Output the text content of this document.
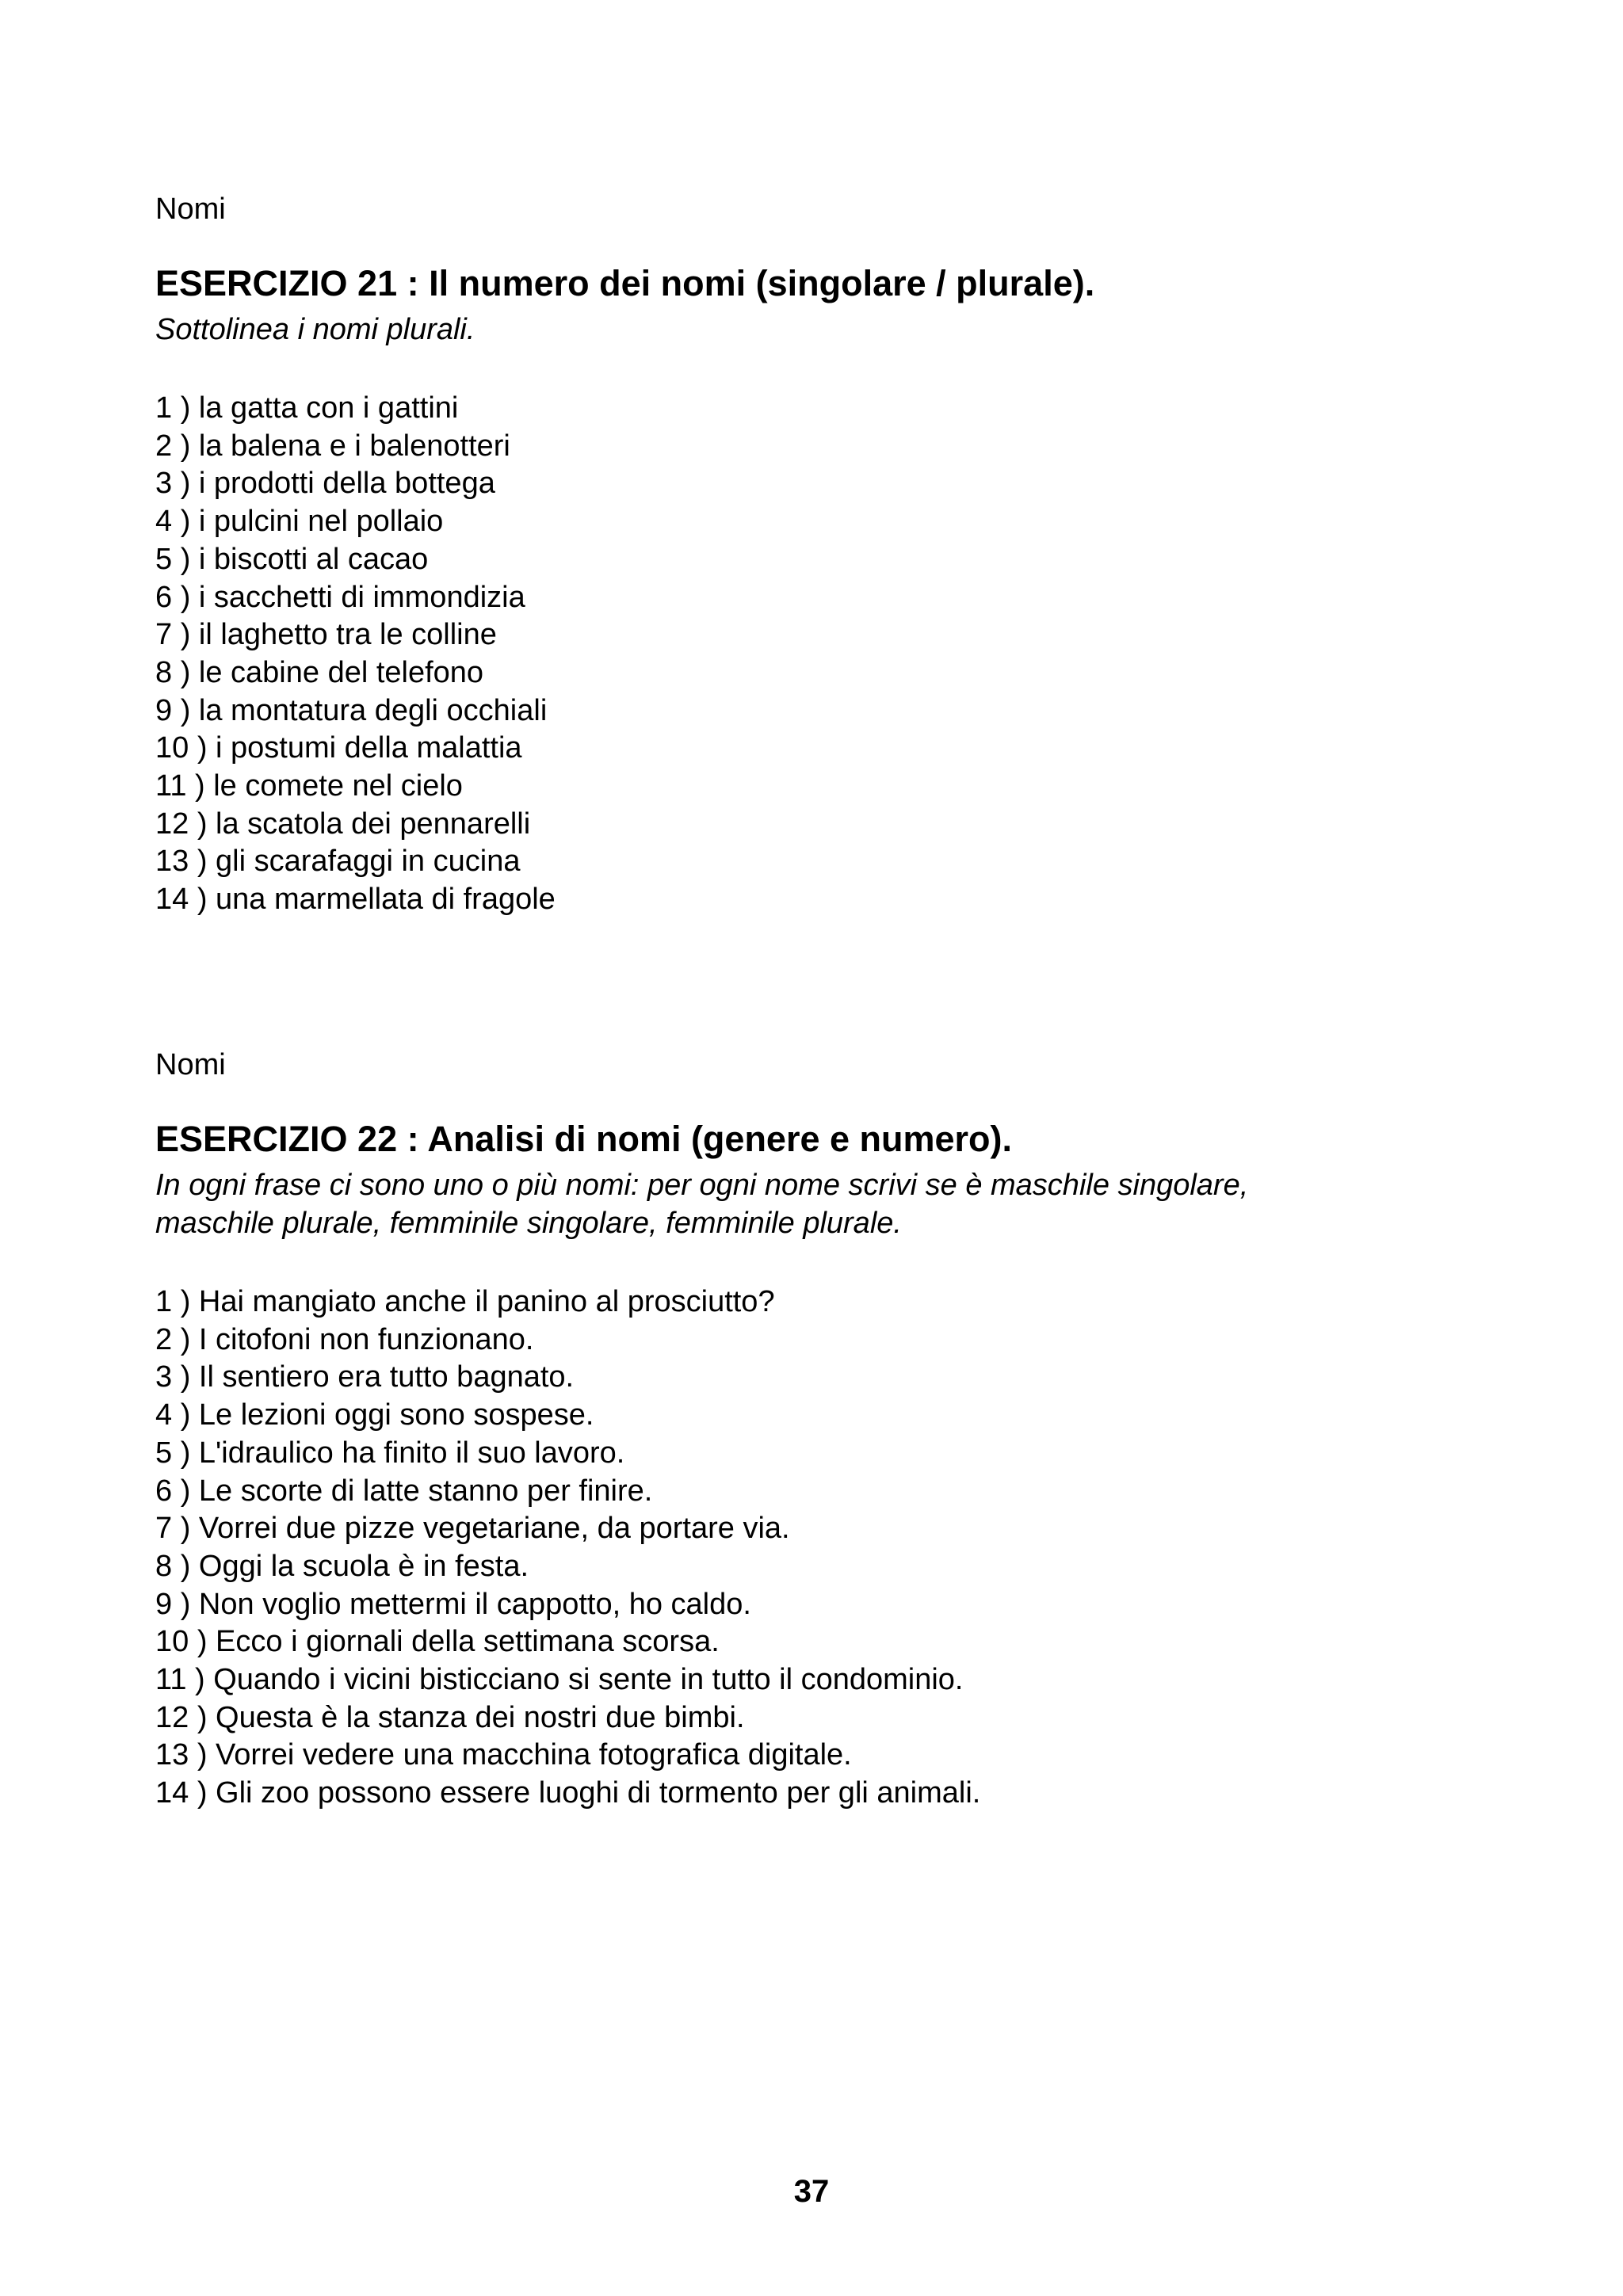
Nomi

ESERCIZIO 21 : Il numero dei nomi (singolare / plurale).

Sottolinea i nomi plurali.

1 ) la gatta con i gattini
2 ) la balena e i balenotteri
3 ) i prodotti della bottega
4 ) i pulcini nel pollaio
5 ) i biscotti al cacao
6 ) i sacchetti di immondizia
7 ) il laghetto tra le colline
8 ) le cabine del telefono
9 ) la montatura degli occhiali
10 ) i postumi della malattia
11 ) le comete nel cielo
12 ) la scatola dei pennarelli
13 ) gli scarafaggi in cucina
14 ) una marmellata di fragole

Nomi

ESERCIZIO 22 : Analisi di nomi (genere e numero).

In ogni frase ci sono uno o più nomi: per ogni nome scrivi se è maschile singolare,
maschile plurale, femminile singolare, femminile plurale.

1 ) Hai mangiato anche il panino al prosciutto?
2 ) I citofoni non funzionano.
3 ) Il sentiero era tutto bagnato.
4 ) Le lezioni oggi sono sospese.
5 ) L'idraulico ha finito il suo lavoro.
6 ) Le scorte di latte stanno per finire.
7 ) Vorrei due pizze vegetariane, da portare via.
8 ) Oggi la scuola è in festa.
9 ) Non voglio mettermi il cappotto, ho caldo.
10 ) Ecco i giornali della settimana scorsa.
11 ) Quando i vicini bisticciano si sente in tutto il condominio.
12 ) Questa è la stanza dei nostri due bimbi.
13 ) Vorrei vedere una macchina fotografica digitale.
14 ) Gli zoo possono essere luoghi di tormento per gli animali.
37
